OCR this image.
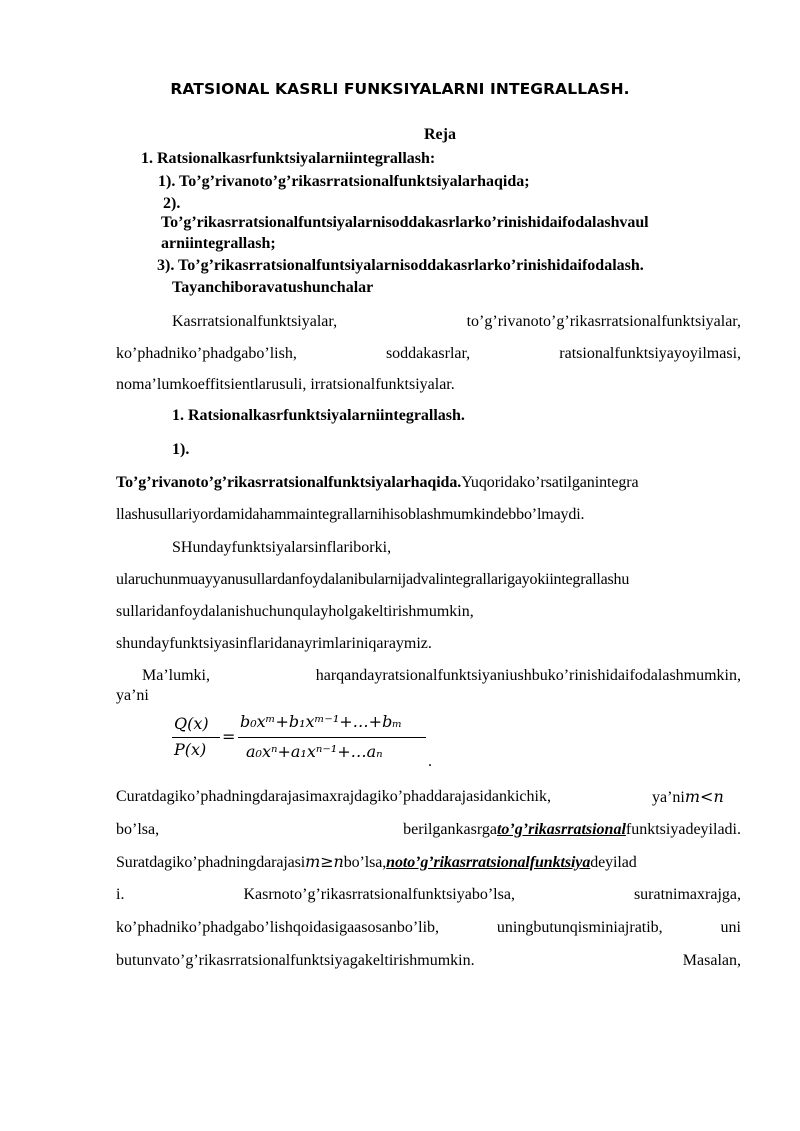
RATSIONAL KASRLI FUNKSIYALARNI INTEGRALLASH.
Reja
1. Ratsionalkasrfunktsiyalarniintegrallash:
1). To’g’rivanoto’g’rikasrratsionalfunktsiyalarhaqida;
2).
To’g’rikasrratsionalfuntsiyalarnisoddakasrlarko’rinishidaifodalashvaul
arniintegrallash;
3). To’g’rikasrratsionalfuntsiyalarnisoddakasrlarko’rinishidaifodalash.
Tayanchiboravatushunchalar
Kasrratsionalfunktsiyalar,	to’g’rivanoto’g’rikasrratsionalfunktsiyalar,
ko’phadniko’phadgabo’lish,	soddakasrlar,	ratsionalfunktsiyayoyilmasi,
noma’lumkoeffitsientlarusuli, irratsionalfunktsiyalar.
1. Ratsionalkasrfunktsiyalarniintegrallash.
1).
To’g’rivanoto’g’rikasrratsionalfunktsiyalarhaqida.Yuqoridako’rsatilganintegra
llashusullariyordamidahammaintegrallarnihisoblashmumkindebbo’lmaydi.
SHundayfunktsiyalarsinflariborki,
ularuchunmuayyanusullardanfoydalanibularnijadvalintegrallarigayokiintegrallashu
sullaridanfoydalanishuchunqulayholgakeltirishmumkin,
shundayfunktsiyasinflaridanayrimlariniqaraymiz.
Ma’lumki,	harqandayratsionalfunktsiyaniushbuko’rinishidaifodalashmumkin,
ya’ni
Q(x)
P(x)
=
b₀xᵐ+b₁xᵐ⁻¹+…+bₘ
a₀xⁿ+a₁xⁿ⁻¹+…aₙ
.
Curatdagiko’phadningdarajasimaxrajdagiko’phaddarajasidankichik,	ya’nim<n
bo’lsa,	berilgankasrgato’g’rikasrratsionalfunktsiyadeyiladi.
Suratdagiko’phadningdarajasim≥nbo’lsa,noto’g’rikasrratsionalfunktsiyadeyilad
i.	Kasrnoto’g’rikasrratsionalfunktsiyabo’lsa,	suratnimaxrajga,
ko’phadniko’phadgabo’lishqoidasigaasosanbo’lib, uningbutunqisminiajratib, uni
butunvato’g’rikasrratsionalfunktsiyagakeltirishmumkin.	Masalan,
